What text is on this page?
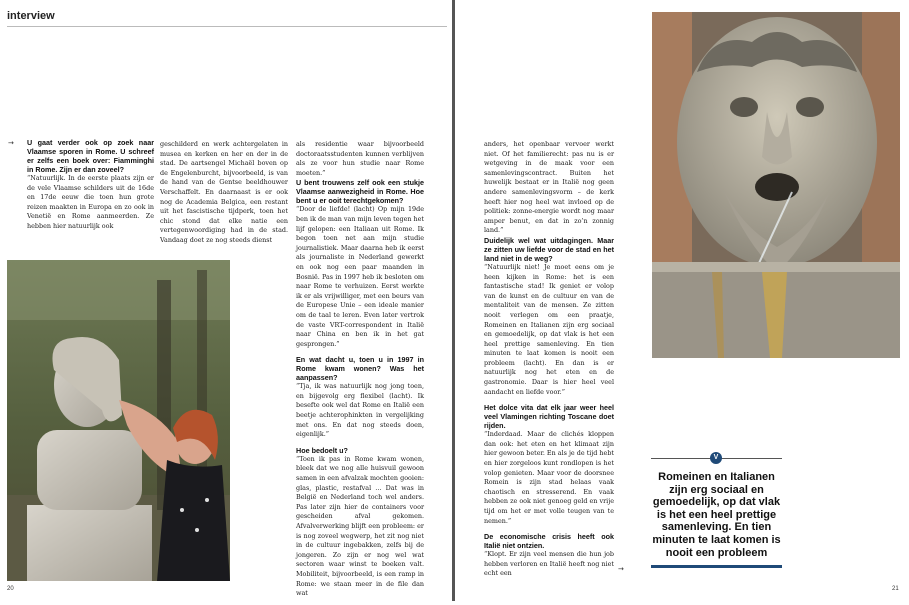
interview
→ U gaat verder ook op zoek naar Vlaamse sporen in Rome. U schreef er zelfs een boek over: Fiamminghi in Rome. Zijn er dan zoveel?

“Natuurlijk. In de eerste plaats zijn er de vele Vlaamse schilders uit de 16de en 17de eeuw die toen hun grote reizen maakten in Europa en zo ook in Venetië en Rome aanmeerden. Ze hebben hier natuurlijk ook

geschilderd en werk achtergelaten in musea en kerken en her en der in de stad. De aartsengel Michaël boven op de Engelenburcht, bijvoorbeeld, is van de hand van de Gentse beeldhouwer Verschaffelt. En daarnaast is er ook nog de Academia Belgica, een restant uit het fascistische tijdperk, toen het chic stond dat elke natie een vertegenwoordiging had in de stad. Vandaag doet ze nog steeds dienst

als residentie waar bijvoorbeeld doctoraatsstudenten kunnen verblijven als ze voor hun studie naar Rome moeten.”

U bent trouwens zelf ook een stukje Vlaamse aanwezigheid in Rome. Hoe bent u er ooit terechtgekomen?

“Door de liefde! (lacht) Op mijn 19de ben ik de man van mijn leven tegen het lijf gelopen: een Italiaan uit Rome. Ik begon toen net aan mijn studie journalistiek. Maar daarna heb ik eerst als journaliste in Nederland gewerkt en ook nog een paar maanden in Bosnië. Pas in 1997 heb ik besloten om naar Rome te verhuizen. Eerst werkte ik er als vrijwilliger, met een beurs van de Europese Unie – een ideale manier om de taal te leren. Even later vertrok de vaste VRT-correspondent in Italië naar China en ben ik in het gat gesprongen.”

En wat dacht u, toen u in 1997 in Rome kwam wonen? Was het aanpassen?

“Tja, ik was natuurlijk nog jong toen, en bijgevolg erg flexibel (lacht). Ik besefte ook wel dat Rome en Italië een beetje achterophinkten in vergelijking met ons. En dat nog steeds doen, eigenlijk.”

Hoe bedoelt u?

“Toen ik pas in Rome kwam wonen, bleek dat we nog alle huisvuil gewoon samen in een afvalzak mochten gooien: glas, plastic, restafval … Dat was in België en Nederland toch wel anders. Pas later zijn hier de containers voor gescheiden afval gekomen. Afvalverwerking blijft een probleem: er is nog zoveel wegwerp, het zit nog niet in de cultuur ingebakken, zelfs bij de jongeren. Zo zijn er nog wel wat sectoren waar winst te boeken valt. Mobiliteit, bijvoorbeeld, is een ramp in Rome: we staan meer in de file dan wat

20

anders, het openbaar vervoer werkt niet. Of het familierecht: pas nu is er wetgeving in de maak voor een samenlevingscontract. Buiten het huwelijk bestaat er in Italië nog geen andere samenlevingsvorm – de kerk heeft hier nog heel wat invloed op de politiek: zonne-energie wordt nog maar amper benut, en dat in zo’n zonnig land.”

Duidelijk wel wat uitdagingen. Maar ze zitten uw liefde voor de stad en het land niet in de weg?

“Natuurlijk niet! Je moet eens om je heen kijken in Rome: het is een fantastische stad! Ik geniet er volop van de kunst en de cultuur en van de mentaliteit van de mensen. Ze zitten nooit verlegen om een praatje, Romeinen en Italianen zijn erg sociaal en gemoedelijk, op dat vlak is het een heel prettige samenleving. En tien minuten te laat komen is nooit een probleem (lacht). En dan is er natuurlijk nog het eten en de gastronomie. Daar is hier heel veel aandacht en liefde voor.”

Het dolce vita dat elk jaar weer heel veel Vlamingen richting Toscane doet rijden.

“Inderdaad. Maar de clichés kloppen dan ook: het eten en het klimaat zijn hier gewoon beter. En als je de tijd hebt en hier zorgeloos kunt rondlopen is het volop genieten. Maar voor de doorsnee Romein is zijn stad helaas vaak chaotisch en stresserend. En vaak hebben ze ook niet genoeg geld en vrije tijd om het er met volle teugen van te nemen.”

De economische crisis heeft ook Italië niet ontzien.

“Klopt. Er zijn veel mensen die hun job hebben verloren en Italië heeft nog niet echt een

→
21
V
Romeinen en Italianen zijn erg sociaal en gemoedelijk, op dat vlak is het een heel prettige samenleving. En tien minuten te laat komen is nooit een probleem
